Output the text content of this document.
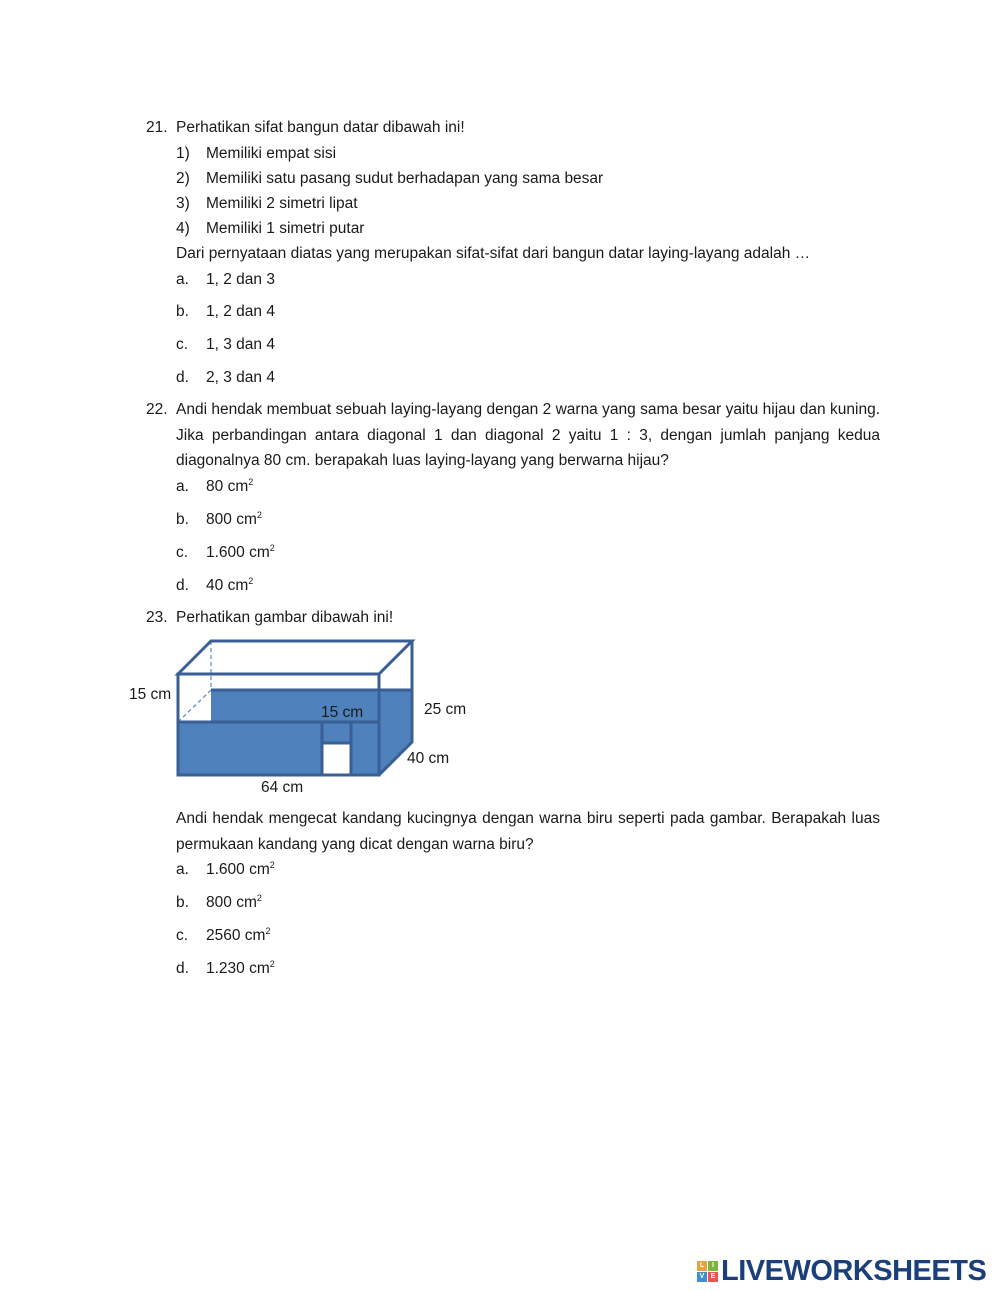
21. Perhatikan sifat bangun datar dibawah ini!
1) Memiliki empat sisi
2) Memiliki satu pasang sudut berhadapan yang sama besar
3) Memiliki 2 simetri lipat
4) Memiliki 1 simetri putar
Dari pernyataan diatas yang merupakan sifat-sifat dari bangun datar laying-layang adalah …
a. 1, 2 dan 3
b. 1, 2 dan 4
c. 1, 3 dan 4
d. 2, 3 dan 4
22. Andi hendak membuat sebuah laying-layang dengan 2 warna yang sama besar yaitu hijau dan kuning. Jika perbandingan antara diagonal 1 dan diagonal 2 yaitu 1 : 3, dengan jumlah panjang kedua diagonalnya 80 cm. berapakah luas laying-layang yang berwarna hijau?
a. 80 $cm^2$
b. 800 $cm^2$
c. 1.600 $cm^2$
d. 40 $cm^2$
23. Perhatikan gambar dibawah ini!
15 cm
15 cm	25 cm
40 cm
64 cm
Andi hendak mengecat kandang kucingnya dengan warna biru seperti pada gambar. Berapakah luas permukaan kandang yang dicat dengan warna biru?
a. 1.600 $cm^2$
b. 800 $cm^2$
c. 2560 $cm^2$
d. 1.230 $cm^2$
L	I
V E LIVEWORKSHEETS
